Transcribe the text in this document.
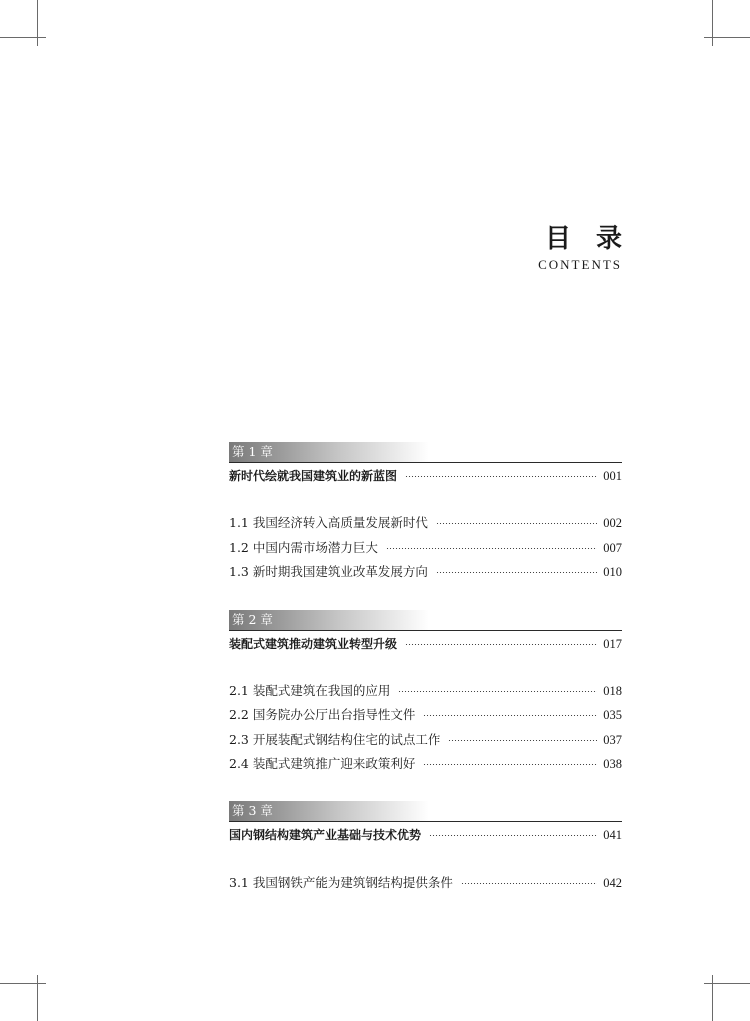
目 录
CONTENTS
第 1 章
新时代绘就我国建筑业的新蓝图	001
1.1 我国经济转入高质量发展新时代	002
1.2 中国内需市场潜力巨大	007
1.3 新时期我国建筑业改革发展方向	010
第 2 章
装配式建筑推动建筑业转型升级	017
2.1 装配式建筑在我国的应用	018
2.2 国务院办公厅出台指导性文件	035
2.3 开展装配式钢结构住宅的试点工作	037
2.4 装配式建筑推广迎来政策利好	038
第 3 章
国内钢结构建筑产业基础与技术优势	041
3.1 我国钢铁产能为建筑钢结构提供条件	042
